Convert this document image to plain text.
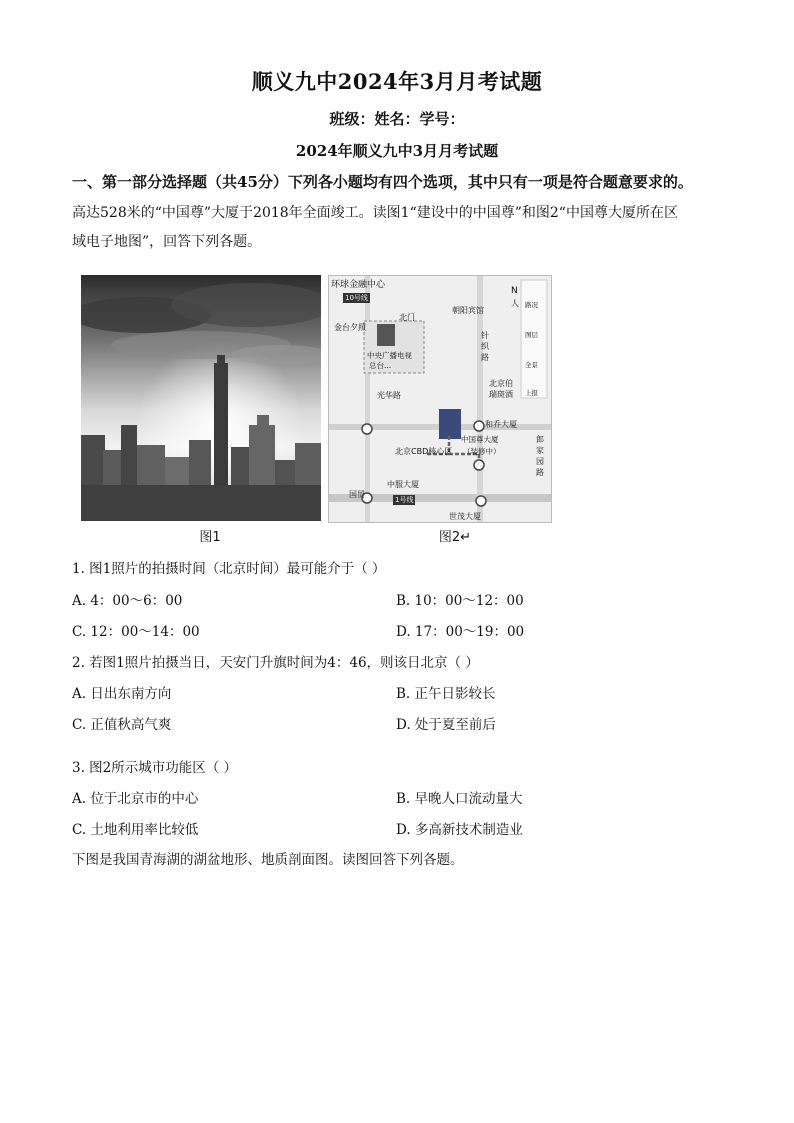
顺义九中2024年3月月考试题
班级：姓名：学号：
2024年顺义九中3月月考试题
一、第一部分选择题（共45分）下列各小题均有四个选项，其中只有一项是符合题意要求的。
高达528米的“中国尊”大厦于2018年全面竣工。读图1“建设中的中国尊”和图2“中国尊大厦所在区
域电子地图”，回答下列各题。
环球金融中心
10号线
朝阳宾馆
金台夕照
北门
中央广播电视
总台...
针
织
路
北京伯
瑞斑酒
光华路
和乔大厦
中国尊大厦
（装修中）
北京CBD核心区
国贸
中服大厦
1号线
世茂大厦
郎
家
园
路
N
人 路况
图层
全景
上报
图1	图2↵
1. 图1照片的拍摄时间（北京时间）最可能介于（ ）
A. 4：00～6：00	B. 10：00～12：00
C. 12：00～14：00	D. 17：00～19：00
2. 若图1照片拍摄当日，天安门升旗时间为4：46，则该日北京（ ）
A. 日出东南方向	B. 正午日影较长
C. 正值秋高气爽	D. 处于夏至前后
3. 图2所示城市功能区（ ）
A. 位于北京市的中心	B. 早晚人口流动量大
C. 土地利用率比较低	D. 多高新技术制造业
下图是我国青海湖的湖盆地形、地质剖面图。读图回答下列各题。
